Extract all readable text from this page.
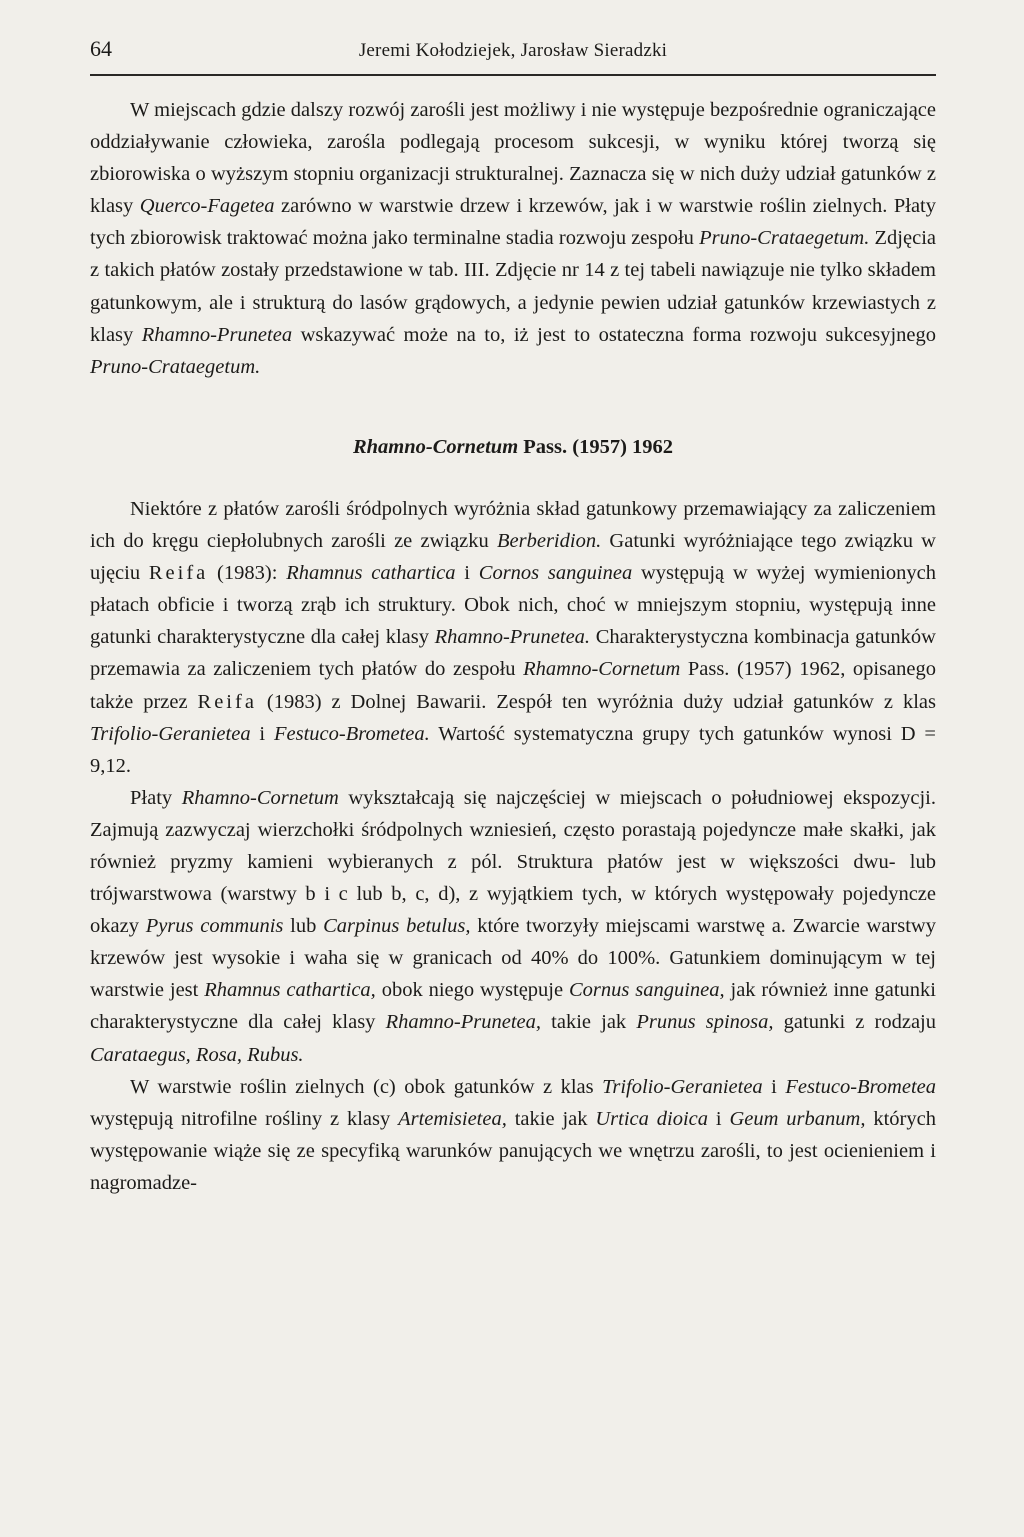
64	Jeremi Kołodziejek, Jarosław Sieradzki

W miejscach gdzie dalszy rozwój zarośli jest możliwy i nie występuje bezpośrednie ograniczające oddziaływanie człowieka, zarośla podlegają procesom sukcesji, w wyniku której tworzą się zbiorowiska o wyższym stopniu organizacji strukturalnej. Zaznacza się w nich duży udział gatunków z klasy Querco-Fagetea zarówno w warstwie drzew i krzewów, jak i w warstwie roślin zielnych. Płaty tych zbiorowisk traktować można jako terminalne stadia rozwoju zespołu Pruno-Crataegetum. Zdjęcia z takich płatów zostały przedstawione w tab. III. Zdjęcie nr 14 z tej tabeli nawiązuje nie tylko składem gatunkowym, ale i strukturą do lasów grądowych, a jedynie pewien udział gatunków krzewiastych z klasy Rhamno-Prunetea wskazywać może na to, iż jest to ostateczna forma rozwoju sukcesyjnego Pruno-Crataegetum.

Rhamno-Cornetum Pass. (1957) 1962

Niektóre z płatów zarośli śródpolnych wyróżnia skład gatunkowy przemawiający za zaliczeniem ich do kręgu ciepłolubnych zarośli ze związku Berberidion. Gatunki wyróżniające tego związku w ujęciu Reifa (1983): Rhamnus cathartica i Cornos sanguinea występują w wyżej wymienionych płatach obficie i tworzą zrąb ich struktury. Obok nich, choć w mniejszym stopniu, występują inne gatunki charakterystyczne dla całej klasy Rhamno-Prunetea. Charakterystyczna kombinacja gatunków przemawia za zaliczeniem tych płatów do zespołu Rhamno-Cornetum Pass. (1957) 1962, opisanego także przez Reifa (1983) z Dolnej Bawarii. Zespół ten wyróżnia duży udział gatunków z klas Trifolio-Geranietea i Festuco-Brometea. Wartość systematyczna grupy tych gatunków wynosi D = 9,12.

Płaty Rhamno-Cornetum wykształcają się najczęściej w miejscach o południowej ekspozycji. Zajmują zazwyczaj wierzchołki śródpolnych wzniesień, często porastają pojedyncze małe skałki, jak również pryzmy kamieni wybieranych z pól. Struktura płatów jest w większości dwu- lub trójwarstwowa (warstwy b i c lub b, c, d), z wyjątkiem tych, w których występowały pojedyncze okazy Pyrus communis lub Carpinus betulus, które tworzyły miejscami warstwę a. Zwarcie warstwy krzewów jest wysokie i waha się w granicach od 40% do 100%. Gatunkiem dominującym w tej warstwie jest Rhamnus cathartica, obok niego występuje Cornus sanguinea, jak również inne gatunki charakterystyczne dla całej klasy Rhamno-Prunetea, takie jak Prunus spinosa, gatunki z rodzaju Carataegus, Rosa, Rubus.

W warstwie roślin zielnych (c) obok gatunków z klas Trifolio-Geranietea i Festuco-Brometea występują nitrofilne rośliny z klasy Artemisietea, takie jak Urtica dioica i Geum urbanum, których występowanie wiąże się ze specyfiką warunków panujących we wnętrzu zarośli, to jest ocienieniem i nagromadze-
